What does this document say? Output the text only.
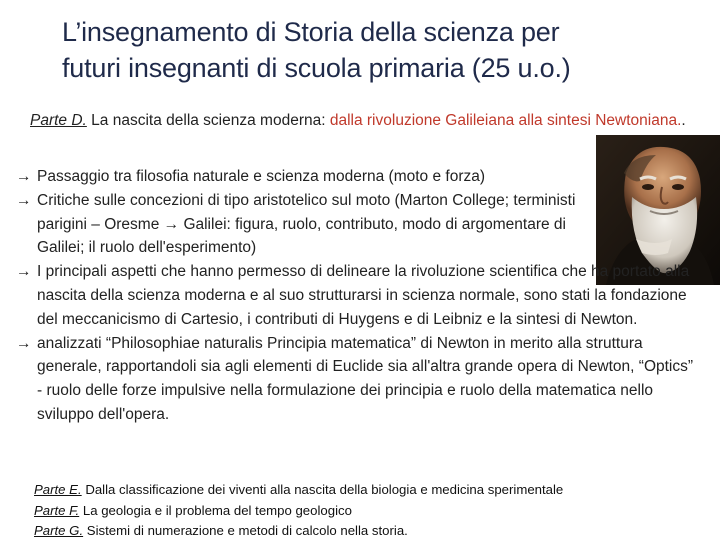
L’insegnamento di Storia della scienza per
futuri insegnanti di scuola primaria (25 u.o.)
Parte D. La nascita della scienza moderna: dalla rivoluzione Galileiana alla sintesi Newtoniana..
→ Passaggio tra filosofia naturale e scienza moderna (moto e forza)
→ Critiche sulle concezioni di tipo aristotelico sul moto (Marton College; terministi parigini – Oresme → Galilei: figura, ruolo, contributo, modo di argomentare di Galilei; il ruolo dell'esperimento)
→ I principali aspetti che hanno permesso di delineare la rivoluzione scientifica che ha portato alla nascita della scienza moderna e al suo strutturarsi in scienza normale, sono stati la fondazione del meccanicismo di Cartesio, i contributi di Huygens e di Leibniz e la sintesi di Newton.
→ analizzati “Philosophiae naturalis Principia matematica” di Newton in merito alla struttura generale, rapportandoli sia agli elementi di Euclide sia all'altra grande opera di Newton, “Optics” - ruolo delle forze impulsive nella formulazione dei principia e ruolo della matematica nello sviluppo dell'opera.
Parte E. Dalla classificazione dei viventi alla nascita della biologia e medicina sperimentale
Parte F. La geologia e il problema del tempo geologico
Parte G. Sistemi di numerazione e metodi di calcolo nella storia.
